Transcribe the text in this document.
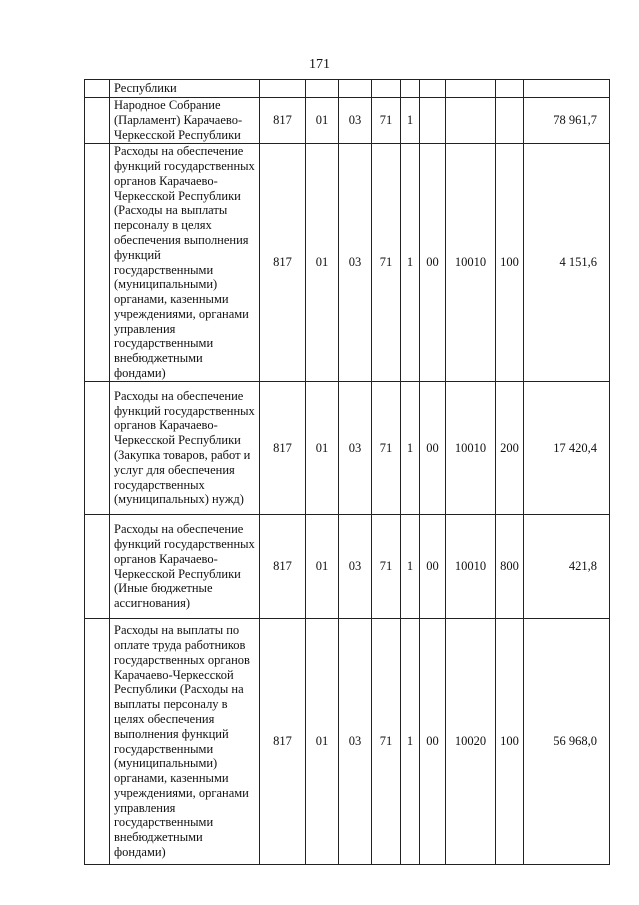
171
	Республики									
	Народное Собрание (Парламент) Карачаево-Черкесской Республики	817	01	03	71	1				78 961,7
	Расходы на обеспечение функций государственных органов Карачаево-Черкесской Республики (Расходы на выплаты персоналу в целях обеспечения выполнения функций государственными (муниципальными) органами, казенными учреждениями, органами управления государственными внебюджетными фондами)	817	01	03	71	1	00	10010	100	4 151,6
	Расходы на обеспечение функций государственных органов Карачаево-Черкесской Республики (Закупка товаров, работ и услуг для обеспечения государственных (муниципальных) нужд)	817	01	03	71	1	00	10010	200	17 420,4
	Расходы на обеспечение функций государственных органов Карачаево-Черкесской Республики (Иные бюджетные ассигнования)	817	01	03	71	1	00	10010	800	421,8
	Расходы на выплаты по оплате труда работников государственных органов Карачаево-Черкесской Республики (Расходы на выплаты персоналу в целях обеспечения выполнения функций государственными (муниципальными) органами, казенными учреждениями, органами управления государственными внебюджетными фондами)	817	01	03	71	1	00	10020	100	56 968,0
